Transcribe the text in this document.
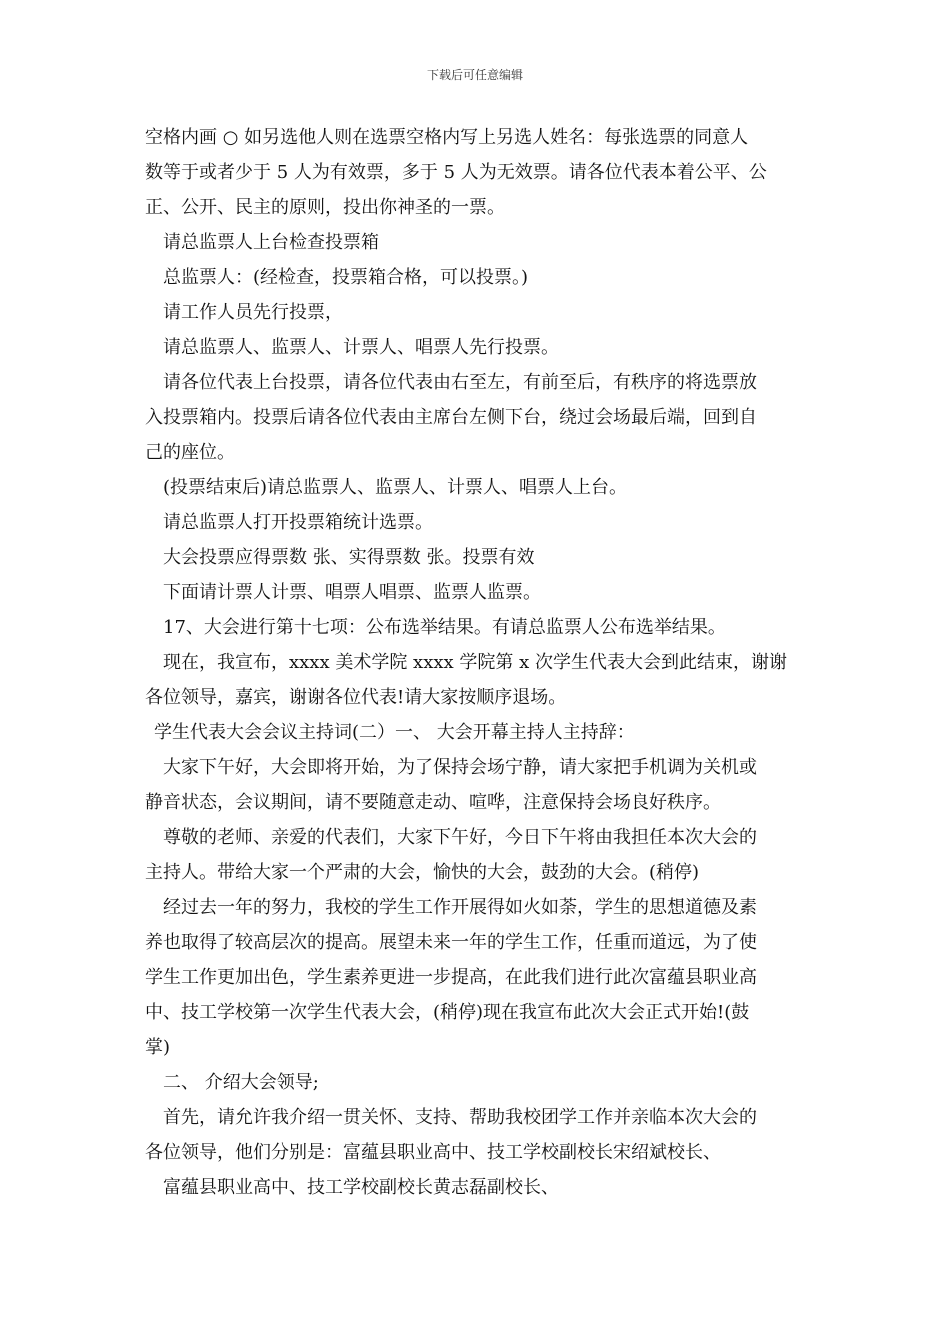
下载后可任意编辑
空格内画 ○ 如另选他人则在选票空格内写上另选人姓名：每张选票的同意人
数等于或者少于 5 人为有效票，多于 5 人为无效票。请各位代表本着公平、公
正、公开、民主的原则，投出你神圣的一票。
请总监票人上台检查投票箱
总监票人：(经检查，投票箱合格，可以投票。)
请工作人员先行投票，
请总监票人、监票人、计票人、唱票人先行投票。
请各位代表上台投票，请各位代表由右至左，有前至后，有秩序的将选票放
入投票箱内。投票后请各位代表由主席台左侧下台，绕过会场最后端，回到自
己的座位。
(投票结束后)请总监票人、监票人、计票人、唱票人上台。
请总监票人打开投票箱统计选票。
大会投票应得票数 张、实得票数 张。投票有效
下面请计票人计票、唱票人唱票、监票人监票。
17、大会进行第十七项：公布选举结果。有请总监票人公布选举结果。
现在，我宣布，xxxx 美术学院 xxxx 学院第 x 次学生代表大会到此结束，谢谢
各位领导，嘉宾，谢谢各位代表!请大家按顺序退场。
学生代表大会会议主持词(二）一、 大会开幕主持人主持辞：
大家下午好，大会即将开始，为了保持会场宁静，请大家把手机调为关机或
静音状态，会议期间，请不要随意走动、喧哗，注意保持会场良好秩序。
尊敬的老师、亲爱的代表们，大家下午好，今日下午将由我担任本次大会的
主持人。带给大家一个严肃的大会，愉快的大会，鼓劲的大会。(稍停)
经过去一年的努力，我校的学生工作开展得如火如荼，学生的思想道德及素
养也取得了较高层次的提高。展望未来一年的学生工作，任重而道远，为了使
学生工作更加出色，学生素养更进一步提高，在此我们进行此次富蕴县职业高
中、技工学校第一次学生代表大会，(稍停)现在我宣布此次大会正式开始!(鼓
掌)
二、 介绍大会领导;
首先，请允许我介绍一贯关怀、支持、帮助我校团学工作并亲临本次大会的
各位领导，他们分别是：富蕴县职业高中、技工学校副校长宋绍斌校长、
富蕴县职业高中、技工学校副校长黄志磊副校长、
